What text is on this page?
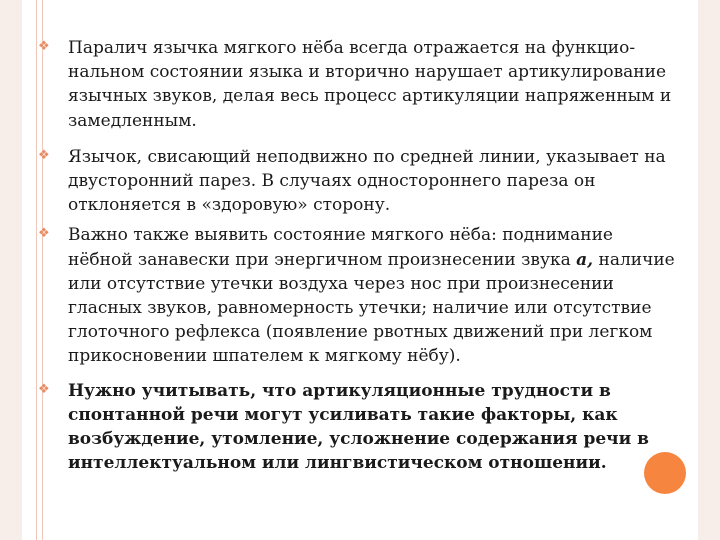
❖ Паралич язычка мягкого нёба всегда отражается на функцио-нальном состоянии языка и вторично нарушает артикулирование язычных звуков, делая весь процесс артикуляции напряженным и замедленным.

❖ Язычок, свисающий неподвижно по средней линии, указывает на двусторонний парез. В случаях одностороннего пареза он отклоняется в «здоровую» сторону.

❖ Важно также выявить состояние мягкого нёба: поднимание нёбной занавески при энергичном произнесении звука а, наличие или отсутствие утечки воздуха через нос при произнесении гласных звуков, равномерность утечки; наличие или отсутствие глоточного рефлекса (появление рвотных движений при легком прикосновении шпателем к мягкому нёбу).

❖ Нужно учитывать, что артикуляционные трудности в спонтанной речи могут усиливать такие факторы, как возбуждение, утомление, усложнение содержания речи в интеллектуальном или лингвистическом отношении.
